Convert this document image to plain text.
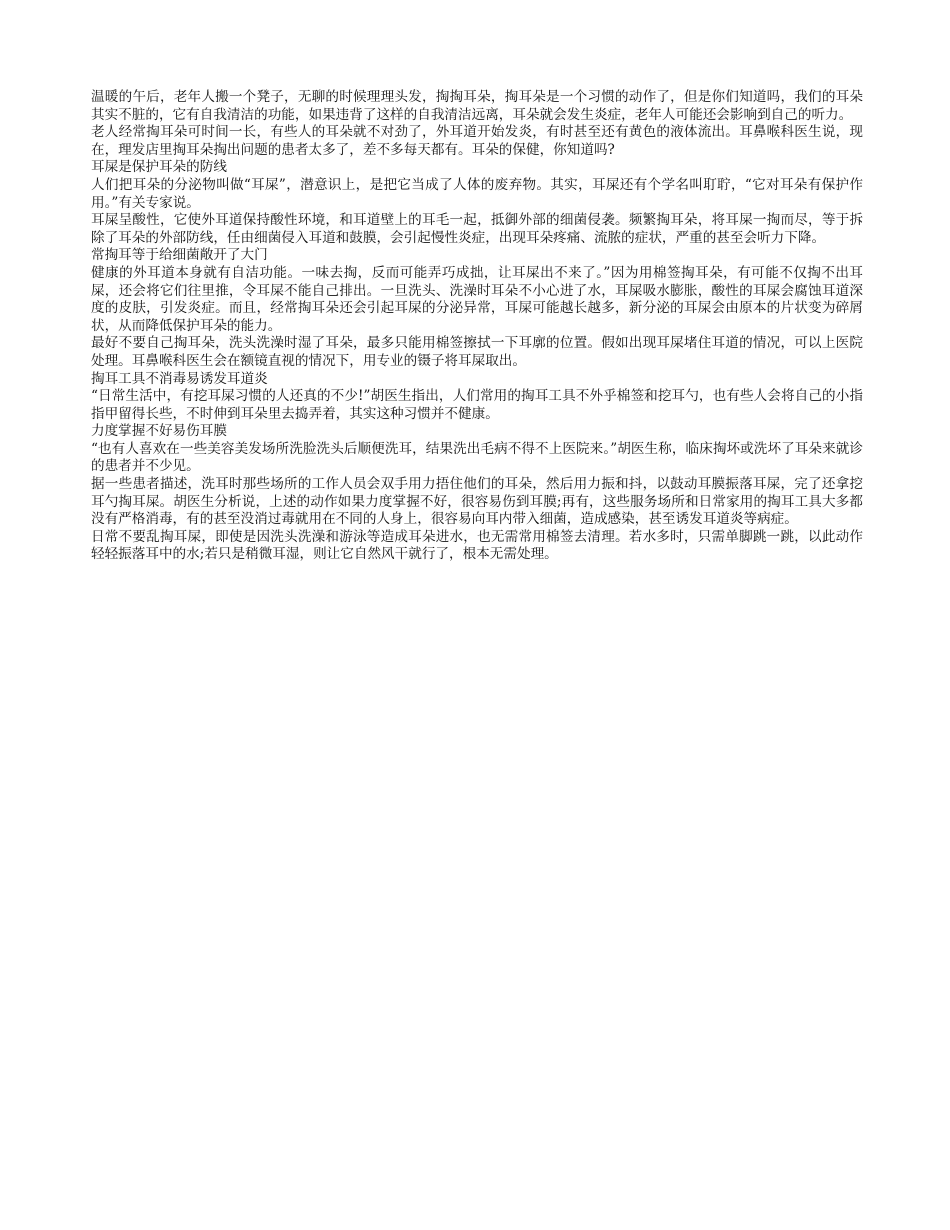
温暖的午后，老年人搬一个凳子，无聊的时候理理头发，掏掏耳朵，掏耳朵是一个习惯的动作了，但是你们知道吗，我们的耳朵其实不脏的，它有自我清洁的功能，如果违背了这样的自我清洁远离，耳朵就会发生炎症，老年人可能还会影响到自己的听力。

老人经常掏耳朵可时间一长，有些人的耳朵就不对劲了，外耳道开始发炎，有时甚至还有黄色的液体流出。耳鼻喉科医生说，现在，理发店里掏耳朵掏出问题的患者太多了，差不多每天都有。耳朵的保健，你知道吗?

耳屎是保护耳朵的防线

人们把耳朵的分泌物叫做“耳屎”，潜意识上，是把它当成了人体的废弃物。其实，耳屎还有个学名叫耵聍，“它对耳朵有保护作用。”有关专家说。

耳屎呈酸性，它使外耳道保持酸性环境，和耳道壁上的耳毛一起，抵御外部的细菌侵袭。频繁掏耳朵，将耳屎一掏而尽，等于拆除了耳朵的外部防线，任由细菌侵入耳道和鼓膜，会引起慢性炎症，出现耳朵疼痛、流脓的症状，严重的甚至会听力下降。

常掏耳等于给细菌敞开了大门

健康的外耳道本身就有自洁功能。一味去掏，反而可能弄巧成拙，让耳屎出不来了。”因为用棉签掏耳朵，有可能不仅掏不出耳屎，还会将它们往里推，令耳屎不能自己排出。一旦洗头、洗澡时耳朵不小心进了水，耳屎吸水膨胀，酸性的耳屎会腐蚀耳道深度的皮肤，引发炎症。而且，经常掏耳朵还会引起耳屎的分泌异常，耳屎可能越长越多，新分泌的耳屎会由原本的片状变为碎屑状，从而降低保护耳朵的能力。

最好不要自己掏耳朵，洗头洗澡时湿了耳朵，最多只能用棉签擦拭一下耳廓的位置。假如出现耳屎堵住耳道的情况，可以上医院处理。耳鼻喉科医生会在额镜直视的情况下，用专业的镊子将耳屎取出。

掏耳工具不消毒易诱发耳道炎

“日常生活中，有挖耳屎习惯的人还真的不少!”胡医生指出，人们常用的掏耳工具不外乎棉签和挖耳勺，也有些人会将自己的小指指甲留得长些，不时伸到耳朵里去捣弄着，其实这种习惯并不健康。

力度掌握不好易伤耳膜

“也有人喜欢在一些美容美发场所洗脸洗头后顺便洗耳，结果洗出毛病不得不上医院来。”胡医生称，临床掏坏或洗坏了耳朵来就诊的患者并不少见。

据一些患者描述，洗耳时那些场所的工作人员会双手用力捂住他们的耳朵，然后用力振和抖，以鼓动耳膜振落耳屎，完了还拿挖耳勺掏耳屎。胡医生分析说，上述的动作如果力度掌握不好，很容易伤到耳膜;再有，这些服务场所和日常家用的掏耳工具大多都没有严格消毒，有的甚至没消过毒就用在不同的人身上，很容易向耳内带入细菌，造成感染，甚至诱发耳道炎等病症。

日常不要乱掏耳屎，即使是因洗头洗澡和游泳等造成耳朵进水，也无需常用棉签去清理。若水多时，只需单脚跳一跳，以此动作轻轻振落耳中的水;若只是稍微耳湿，则让它自然风干就行了，根本无需处理。
